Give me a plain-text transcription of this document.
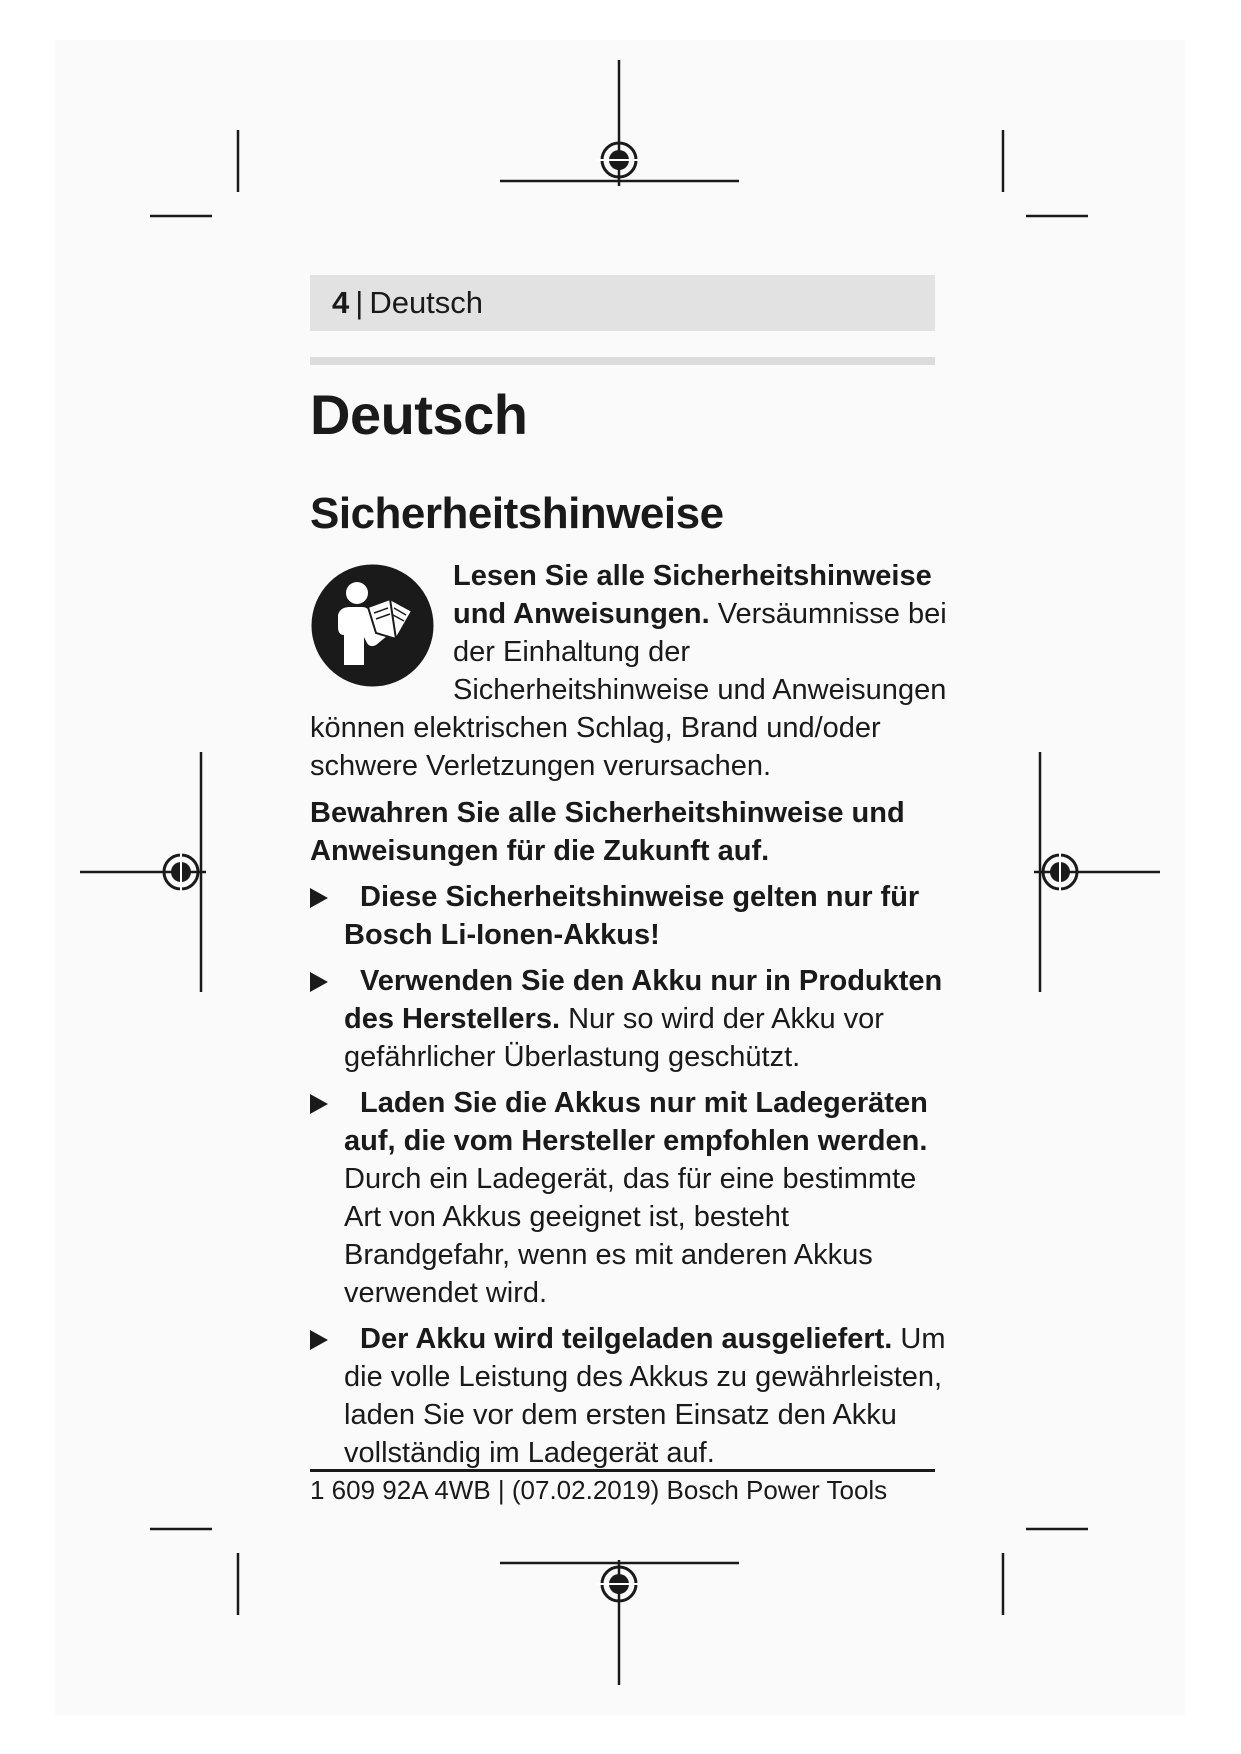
4 | Deutsch
Deutsch
Sicherheitshinweise

Lesen Sie alle Sicherheitshinweise und Anweisungen. Versäumnisse bei der Einhaltung der Sicherheitshinweise und Anweisungen können elektrischen Schlag, Brand und/oder schwere Verletzungen verursachen.

Bewahren Sie alle Sicherheitshinweise und Anweisungen für die Zukunft auf.

Diese Sicherheitshinweise gelten nur für Bosch Li-Ionen-Akkus!

Verwenden Sie den Akku nur in Produkten des Herstellers. Nur so wird der Akku vor gefährlicher Überlastung geschützt.

Laden Sie die Akkus nur mit Ladegeräten auf, die vom Hersteller empfohlen werden. Durch ein Ladegerät, das für eine bestimmte Art von Akkus geeignet ist, besteht Brandgefahr, wenn es mit anderen Akkus verwendet wird.

Der Akku wird teilgeladen ausgeliefert. Um die volle Leistung des Akkus zu gewährleisten, laden Sie vor dem ersten Einsatz den Akku vollständig im Ladegerät auf.

1 609 92A 4WB | (07.02.2019) Bosch Power Tools
